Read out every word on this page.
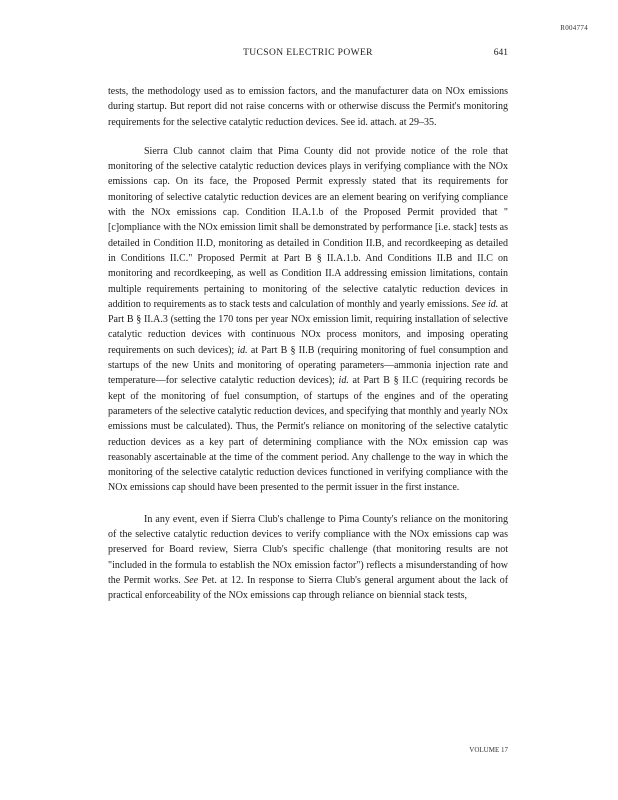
R004774
TUCSON ELECTRIC POWER	641

tests, the methodology used as to emission factors, and the manufacturer data on NOx emissions during startup. But report did not raise concerns with or otherwise discuss the Permit's monitoring requirements for the selective catalytic reduction devices. See id. attach. at 29–35.

Sierra Club cannot claim that Pima County did not provide notice of the role that monitoring of the selective catalytic reduction devices plays in verifying compliance with the NOx emissions cap. On its face, the Proposed Permit expressly stated that its requirements for monitoring of selective catalytic reduction devices are an element bearing on verifying compliance with the NOx emissions cap. Condition II.A.1.b of the Proposed Permit provided that "[c]ompliance with the NOx emission limit shall be demonstrated by performance [i.e. stack] tests as detailed in Condition II.D, monitoring as detailed in Condition II.B, and recordkeeping as detailed in Conditions II.C." Proposed Permit at Part B § II.A.1.b. And Conditions II.B and II.C on monitoring and recordkeeping, as well as Condition II.A addressing emission limitations, contain multiple requirements pertaining to monitoring of the selective catalytic reduction devices in addition to requirements as to stack tests and calculation of monthly and yearly emissions. See id. at Part B § II.A.3 (setting the 170 tons per year NOx emission limit, requiring installation of selective catalytic reduction devices with continuous NOx process monitors, and imposing operating requirements on such devices); id. at Part B § II.B (requiring monitoring of fuel consumption and startups of the new Units and monitoring of operating parameters—ammonia injection rate and temperature—for selective catalytic reduction devices); id. at Part B § II.C (requiring records be kept of the monitoring of fuel consumption, of startups of the engines and of the operating parameters of the selective catalytic reduction devices, and specifying that monthly and yearly NOx emissions must be calculated). Thus, the Permit's reliance on monitoring of the selective catalytic reduction devices as a key part of determining compliance with the NOx emission cap was reasonably ascertainable at the time of the comment period. Any challenge to the way in which the monitoring of the selective catalytic reduction devices functioned in verifying compliance with the NOx emissions cap should have been presented to the permit issuer in the first instance.

In any event, even if Sierra Club's challenge to Pima County's reliance on the monitoring of the selective catalytic reduction devices to verify compliance with the NOx emissions cap was preserved for Board review, Sierra Club's specific challenge (that monitoring results are not "included in the formula to establish the NOx emission factor") reflects a misunderstanding of how the Permit works. See Pet. at 12. In response to Sierra Club's general argument about the lack of practical enforceability of the NOx emissions cap through reliance on biennial stack tests,

VOLUME 17
